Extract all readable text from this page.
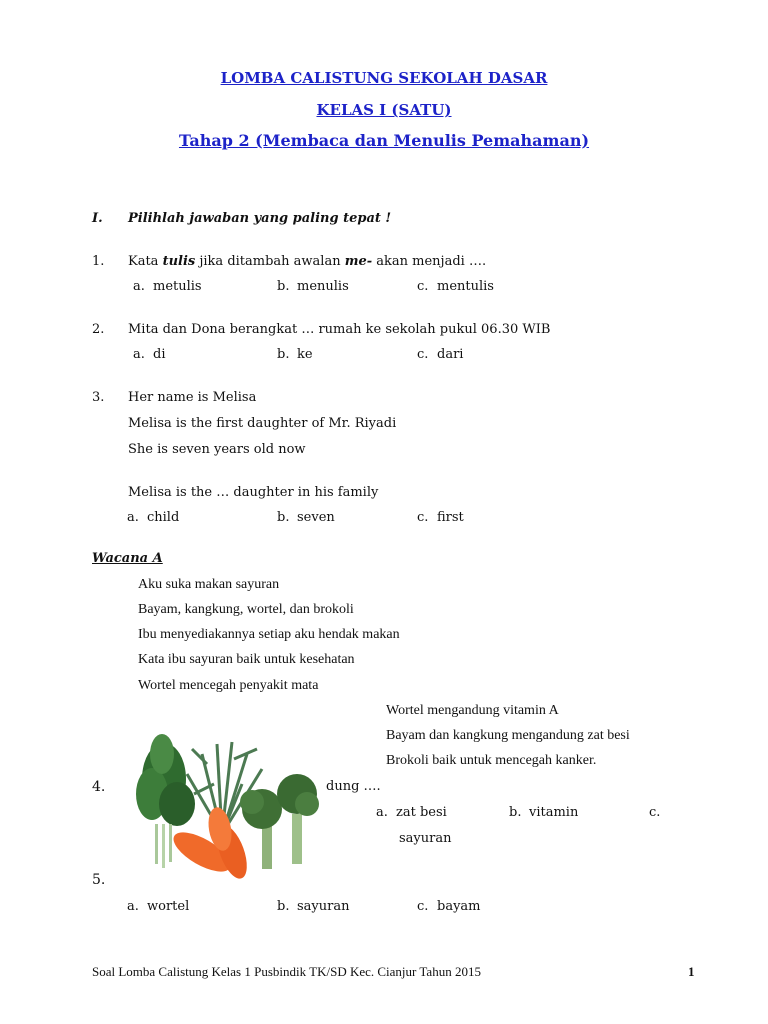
LOMBA CALISTUNG SEKOLAH DASAR
KELAS I (SATU)
Tahap 2 (Membaca dan Menulis Pemahaman)
I. Pilihlah jawaban yang paling tepat !
1. Kata tulis jika ditambah awalan me- akan menjadi ….
a. metulis	b. menulis	c. mentulis
2. Mita dan Dona berangkat … rumah ke sekolah pukul 06.30 WIB
a. di	b. ke	c. dari
3. Her name is Melisa
Melisa is the first daughter of Mr. Riyadi
She is seven years old now
Melisa is the … daughter in his family
a. child	b. seven	c. first
Wacana A
Aku suka makan sayuran
Bayam, kangkung, wortel, dan brokoli
Ibu menyediakannya setiap aku hendak makan
Kata ibu sayuran baik untuk kesehatan
Wortel mencegah penyakit mata
Wortel mengandung vitamin A
Bayam dan kangkung mengandung zat besi
Brokoli baik untuk mencegah kanker.
4.	dung ….
a. zat besi	b. vitamin	c.
sayuran
5.
a. wortel	b. sayuran	c. bayam
Soal Lomba Calistung Kelas 1 Pusbindik TK/SD Kec. Cianjur Tahun 2015	1
